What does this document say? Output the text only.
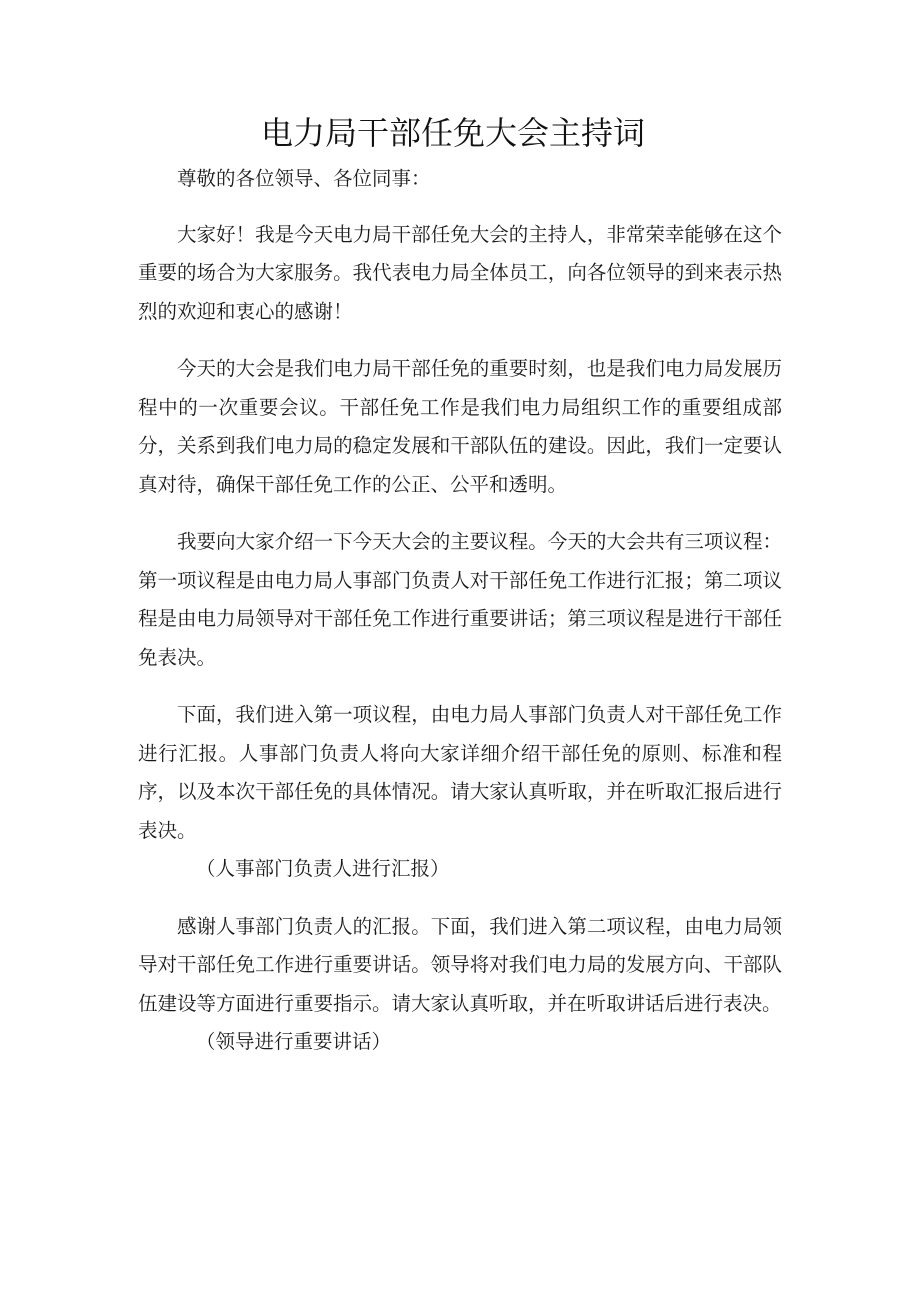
电力局干部任免大会主持词

尊敬的各位领导、各位同事：

大家好！我是今天电力局干部任免大会的主持人，非常荣幸能够在这个重要的场合为大家服务。我代表电力局全体员工，向各位领导的到来表示热烈的欢迎和衷心的感谢！

今天的大会是我们电力局干部任免的重要时刻，也是我们电力局发展历程中的一次重要会议。干部任免工作是我们电力局组织工作的重要组成部分，关系到我们电力局的稳定发展和干部队伍的建设。因此，我们一定要认真对待，确保干部任免工作的公正、公平和透明。

我要向大家介绍一下今天大会的主要议程。今天的大会共有三项议程：第一项议程是由电力局人事部门负责人对干部任免工作进行汇报；第二项议程是由电力局领导对干部任免工作进行重要讲话；第三项议程是进行干部任免表决。

下面，我们进入第一项议程，由电力局人事部门负责人对干部任免工作进行汇报。人事部门负责人将向大家详细介绍干部任免的原则、标准和程序，以及本次干部任免的具体情况。请大家认真听取，并在听取汇报后进行表决。

（人事部门负责人进行汇报）

感谢人事部门负责人的汇报。下面，我们进入第二项议程，由电力局领导对干部任免工作进行重要讲话。领导将对我们电力局的发展方向、干部队伍建设等方面进行重要指示。请大家认真听取，并在听取讲话后进行表决。

（领导进行重要讲话）
